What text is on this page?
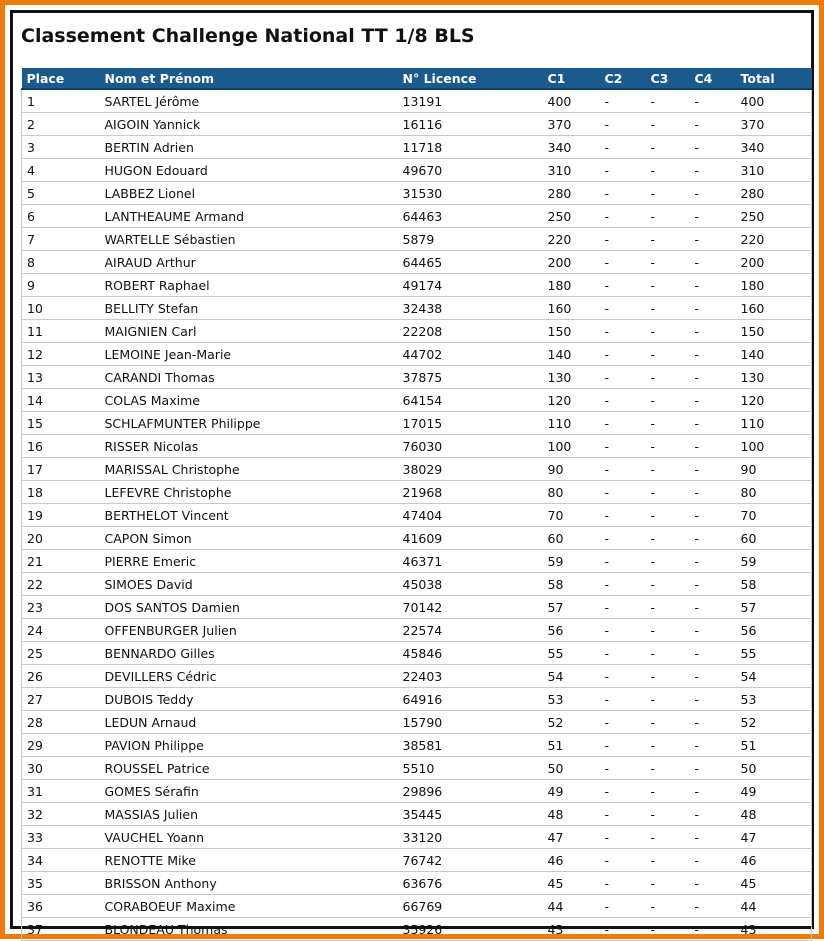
Classement Challenge National TT 1/8 BLS
Place	Nom et Prénom	N° Licence	C1	C2	C3	C4	Total
1	SARTEL Jérôme	13191	400	-	-	-	400
2	AIGOIN Yannick	16116	370	-	-	-	370
3	BERTIN Adrien	11718	340	-	-	-	340
4	HUGON Edouard	49670	310	-	-	-	310
5	LABBEZ Lionel	31530	280	-	-	-	280
6	LANTHEAUME Armand	64463	250	-	-	-	250
7	WARTELLE Sébastien	5879	220	-	-	-	220
8	AIRAUD Arthur	64465	200	-	-	-	200
9	ROBERT Raphael	49174	180	-	-	-	180
10	BELLITY Stefan	32438	160	-	-	-	160
11	MAIGNIEN Carl	22208	150	-	-	-	150
12	LEMOINE Jean-Marie	44702	140	-	-	-	140
13	CARANDI Thomas	37875	130	-	-	-	130
14	COLAS Maxime	64154	120	-	-	-	120
15	SCHLAFMUNTER Philippe	17015	110	-	-	-	110
16	RISSER Nicolas	76030	100	-	-	-	100
17	MARISSAL Christophe	38029	90	-	-	-	90
18	LEFEVRE Christophe	21968	80	-	-	-	80
19	BERTHELOT Vincent	47404	70	-	-	-	70
20	CAPON Simon	41609	60	-	-	-	60
21	PIERRE Emeric	46371	59	-	-	-	59
22	SIMOES David	45038	58	-	-	-	58
23	DOS SANTOS Damien	70142	57	-	-	-	57
24	OFFENBURGER Julien	22574	56	-	-	-	56
25	BENNARDO Gilles	45846	55	-	-	-	55
26	DEVILLERS Cédric	22403	54	-	-	-	54
27	DUBOIS Teddy	64916	53	-	-	-	53
28	LEDUN Arnaud	15790	52	-	-	-	52
29	PAVION Philippe	38581	51	-	-	-	51
30	ROUSSEL Patrice	5510	50	-	-	-	50
31	GOMES Sérafin	29896	49	-	-	-	49
32	MASSIAS Julien	35445	48	-	-	-	48
33	VAUCHEL Yoann	33120	47	-	-	-	47
34	RENOTTE Mike	76742	46	-	-	-	46
35	BRISSON Anthony	63676	45	-	-	-	45
36	CORABOEUF Maxime	66769	44	-	-	-	44
37	BLONDEAU Thomas	35926	43	-	-	-	43
